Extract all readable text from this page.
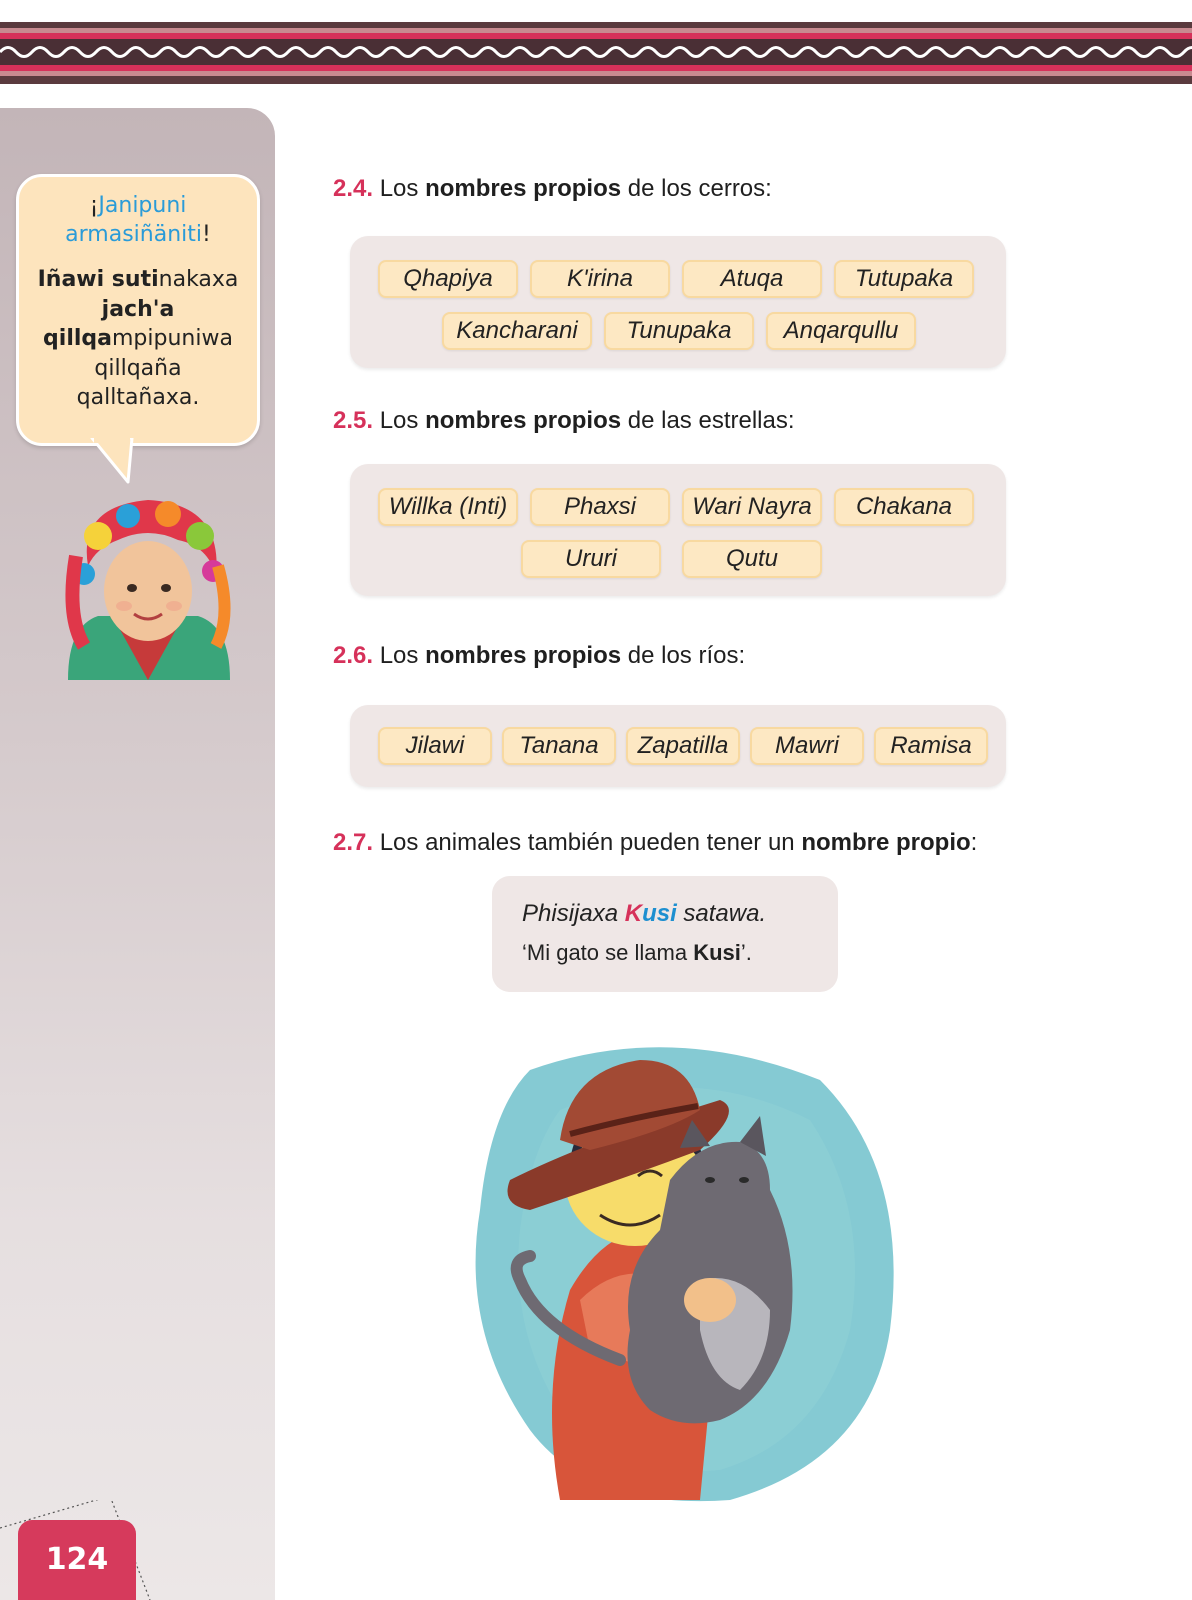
¡Janipuni
armasiñäniti!
Iñawi sutinakaxa
jach'a
qillqampipuniwa
qillqaña
qalltañaxa.
124
2.4. Los nombres propios de los cerros:
Qhapiya	K'irina	Atuqa	Tutupaka
Kancharani	Tunupaka	Anqarqullu
2.5. Los nombres propios de las estrellas:
Willka (Inti)	Phaxsi	Wari Nayra	Chakana
Ururi	Qutu
2.6. Los nombres propios de los ríos:
Jilawi	Tanana	Zapatilla	Mawri	Ramisa
2.7. Los animales también pueden tener un nombre propio:
Phisijaxa Kusi satawa.
‘Mi gato se llama Kusi’.
